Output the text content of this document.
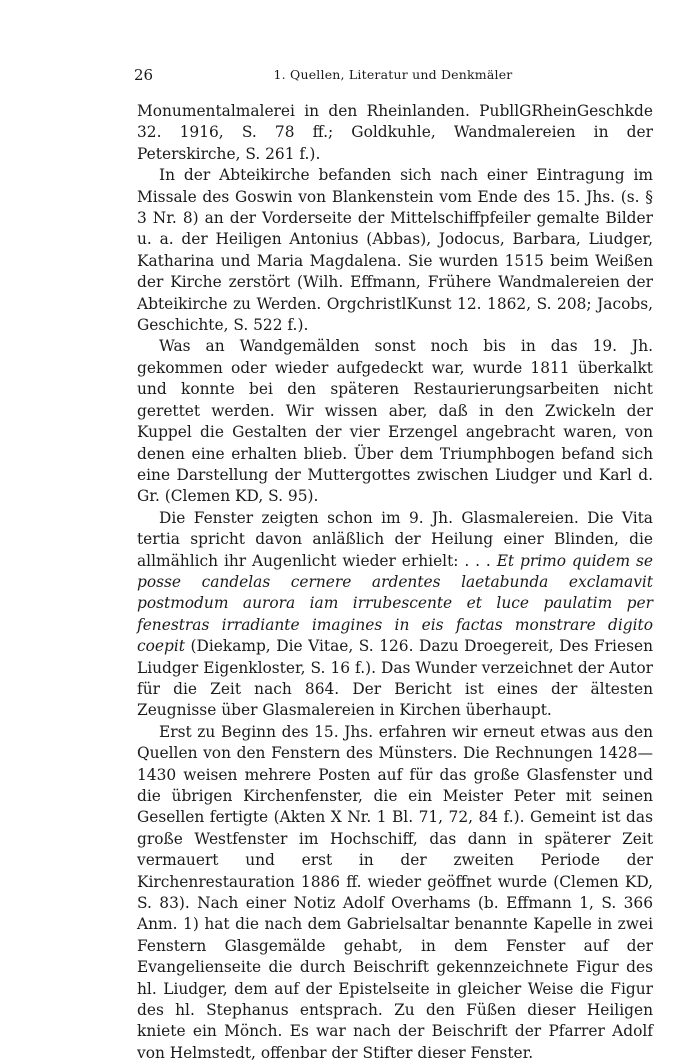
26	1. Quellen, Literatur und Denkmäler

Monumentalmalerei in den Rheinlanden. PubllGRheinGeschkde 32. 1916, S. 78 ff.; Goldkuhle, Wandmalereien in der Peterskirche, S. 261 f.).

In der Abteikirche befanden sich nach einer Eintragung im Missale des Goswin von Blankenstein vom Ende des 15. Jhs. (s. § 3 Nr. 8) an der Vorderseite der Mittelschiffpfeiler gemalte Bilder u. a. der Heiligen Antonius (Abbas), Jodocus, Barbara, Liudger, Katharina und Maria Magdalena. Sie wurden 1515 beim Weißen der Kirche zerstört (Wilh. Effmann, Frühere Wandmalereien der Abteikirche zu Werden. OrgchristlKunst 12. 1862, S. 208; Jacobs, Geschichte, S. 522 f.).

Was an Wandgemälden sonst noch bis in das 19. Jh. gekommen oder wieder aufgedeckt war, wurde 1811 überkalkt und konnte bei den späteren Restaurierungsarbeiten nicht gerettet werden. Wir wissen aber, daß in den Zwickeln der Kuppel die Gestalten der vier Erzengel angebracht waren, von denen eine erhalten blieb. Über dem Triumphbogen befand sich eine Darstellung der Muttergottes zwischen Liudger und Karl d. Gr. (Clemen KD, S. 95).

Die Fenster zeigten schon im 9. Jh. Glasmalereien. Die Vita tertia spricht davon anläßlich der Heilung einer Blinden, die allmählich ihr Augenlicht wieder erhielt: . . . Et primo quidem se posse candelas cernere ardentes laetabunda exclamavit postmodum aurora iam irrubescente et luce paulatim per fenestras irradiante imagines in eis factas monstrare digito coepit (Diekamp, Die Vitae, S. 126. Dazu Droegereit, Des Friesen Liudger Eigenkloster, S. 16 f.). Das Wunder verzeichnet der Autor für die Zeit nach 864. Der Bericht ist eines der ältesten Zeugnisse über Glasmalereien in Kirchen überhaupt.

Erst zu Beginn des 15. Jhs. erfahren wir erneut etwas aus den Quellen von den Fenstern des Münsters. Die Rechnungen 1428—1430 weisen mehrere Posten auf für das große Glasfenster und die übrigen Kirchenfenster, die ein Meister Peter mit seinen Gesellen fertigte (Akten X Nr. 1 Bl. 71, 72, 84 f.). Gemeint ist das große Westfenster im Hochschiff, das dann in späterer Zeit vermauert und erst in der zweiten Periode der Kirchenrestauration 1886 ff. wieder geöffnet wurde (Clemen KD, S. 83). Nach einer Notiz Adolf Overhams (b. Effmann 1, S. 366 Anm. 1) hat die nach dem Gabrielsaltar benannte Kapelle in zwei Fenstern Glasgemälde gehabt, in dem Fenster auf der Evangelienseite die durch Beischrift gekennzeichnete Figur des hl. Liudger, dem auf der Epistelseite in gleicher Weise die Figur des hl. Stephanus entsprach. Zu den Füßen dieser Heiligen kniete ein Mönch. Es war nach der Beischrift der Pfarrer Adolf von Helmstedt, offenbar der Stifter dieser Fenster.
